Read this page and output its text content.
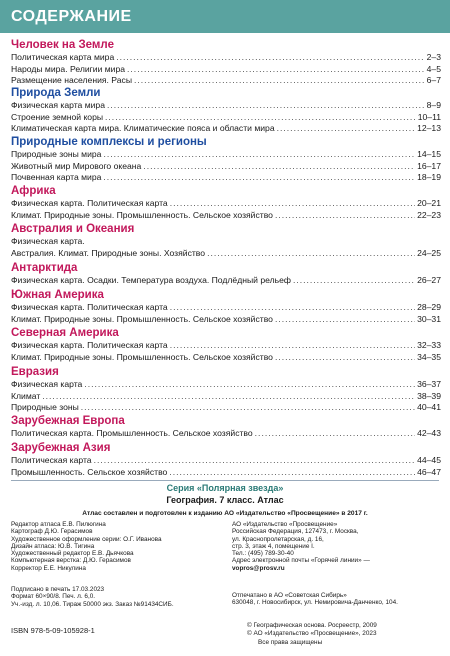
СОДЕРЖАНИЕ
Человек на Земле
Политическая карта мира .....	2–3
Народы мира. Религии мира .....	4–5
Размещение населения. Расы .....	6–7
Природа Земли
Физическая карта мира .....	8–9
Строение земной коры .....	10–11
Климатическая карта мира. Климатические пояса и области мира .....	12–13
Природные комплексы и регионы
Природные зоны мира .....	14–15
Животный мир Мирового океана .....	16–17
Почвенная карта мира .....	18–19
Африка
Физическая карта. Политическая карта .....	20–21
Климат. Природные зоны. Промышленность. Сельское хозяйство .....	22–23
Австралия и Океания
Физическая карта.
Австралия. Климат. Природные зоны. Хозяйство .....	24–25
Антарктида
Физическая карта. Осадки. Температура воздуха. Подлёдный рельеф .....	26–27
Южная Америка
Физическая карта. Политическая карта .....	28–29
Климат. Природные зоны. Промышленность. Сельское хозяйство .....	30–31
Северная Америка
Физическая карта. Политическая карта .....	32–33
Климат. Природные зоны. Промышленность. Сельское хозяйство .....	34–35
Евразия
Физическая карта .....	36–37
Климат .....	38–39
Природные зоны .....	40–41
Зарубежная Европа
Политическая карта. Промышленность. Сельское хозяйство .....	42–43
Зарубежная Азия
Политическая карта .....	44–45
Промышленность. Сельское хозяйство .....	46–47
Серия «Полярная звезда»
География. 7 класс. Атлас
Атлас составлен и подготовлен к изданию АО «Издательство «Просвещение» в 2017 г.
Редактор атласа Е.В. Пилюгина
Картограф Д.Ю. Герасимов
Художественное оформление серии: О.Г. Иванова
Дизайн атласа: Ю.В. Тигина
Художественный редактор Е.В. Дьячкова
Компьютерная верстка: Д.Ю. Герасимов
Корректор Е.Е. Никулина
АО «Издательство «Просвещение»
Российская Федерация, 127473, г. Москва,
ул. Краснопролетарская, д. 16,
стр. 3, этаж 4, помещение I.
Тел.: (495) 789-30-40
Адрес электронной почты «Горячей линии» —
vopros@prosv.ru
Подписано в печать 17.03.2023
Формат 60×90/8. Печ. л. 6,0.
Уч.-изд. л. 10,06. Тираж 50000 экз. Заказ №91434СИБ.
Отпечатано в АО «Советская Сибирь»
630048, г. Новосибирск, ул. Немировича-Данченко, 104.
ISBN 978-5-09-105928-1
© Географическая основа. Росреестр, 2009
© АО «Издательство «Просвещение», 2023
Все права защищены
